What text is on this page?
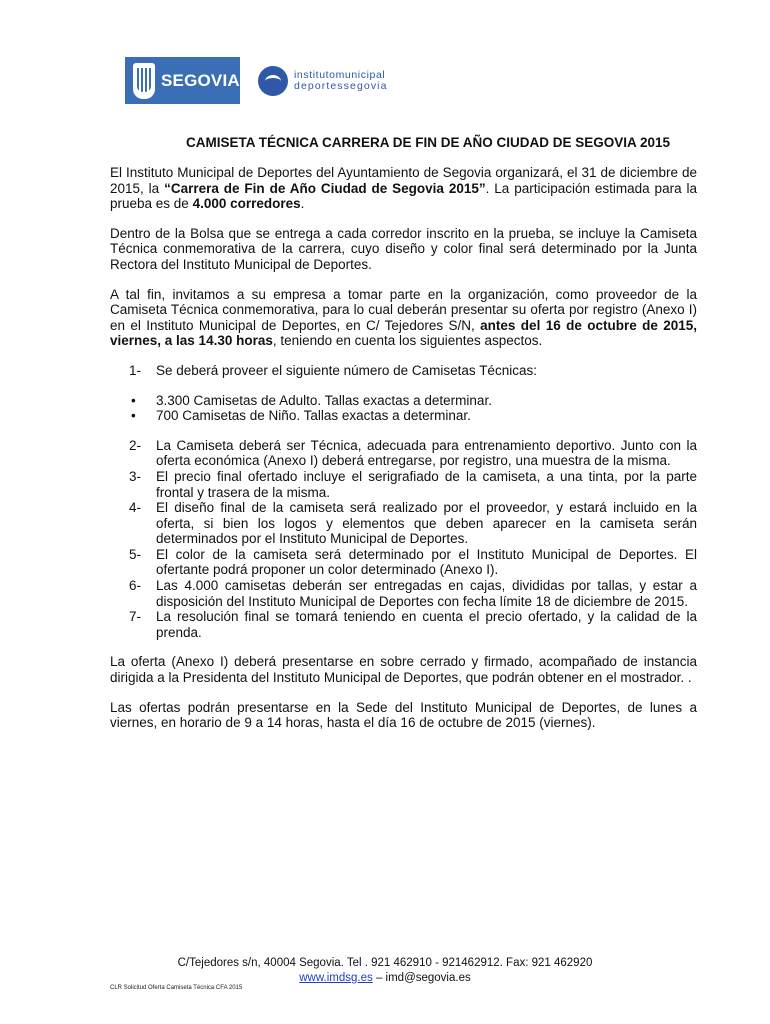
SEGOVIA	institutomunicipal
deportessegovia
CAMISETA TÉCNICA CARRERA DE FIN DE AÑO CIUDAD DE SEGOVIA 2015

El Instituto Municipal de Deportes del Ayuntamiento de Segovia organizará, el 31 de diciembre de 2015, la “Carrera de Fin de Año Ciudad de Segovia 2015”. La participación estimada para la prueba es de 4.000 corredores.

Dentro de la Bolsa que se entrega a cada corredor inscrito en la prueba, se incluye la Camiseta Técnica conmemorativa de la carrera, cuyo diseño y color final será determinado por la Junta Rectora del Instituto Municipal de Deportes.

A tal fin, invitamos a su empresa a tomar parte en la organización, como proveedor de la Camiseta Técnica conmemorativa, para lo cual deberán presentar su oferta por registro (Anexo I) en el Instituto Municipal de Deportes, en C/ Tejedores S/N, antes del 16 de octubre de 2015, viernes, a las 14.30 horas, teniendo en cuenta los siguientes aspectos.

1-	Se deberá proveer el siguiente número de Camisetas Técnicas:
•	3.300 Camisetas de Adulto. Tallas exactas a determinar.
•	700 Camisetas de Niño. Tallas exactas a determinar.
2-	La Camiseta deberá ser Técnica, adecuada para entrenamiento deportivo. Junto con la oferta económica (Anexo I) deberá entregarse, por registro, una muestra de la misma.
3-	El precio final ofertado incluye el serigrafiado de la camiseta, a una tinta, por la parte frontal y trasera de la misma.
4-	El diseño final de la camiseta será realizado por el proveedor, y estará incluido en la oferta, si bien los logos y elementos que deben aparecer en la camiseta serán determinados por el Instituto Municipal de Deportes.
5-	El color de la camiseta será determinado por el Instituto Municipal de Deportes. El ofertante podrá proponer un color determinado (Anexo I).
6-	Las 4.000 camisetas deberán ser entregadas en cajas, divididas por tallas, y estar a disposición del Instituto Municipal de Deportes con fecha límite 18 de diciembre de 2015.
7-	La resolución final se tomará teniendo en cuenta el precio ofertado, y la calidad de la prenda.

La oferta (Anexo I) deberá presentarse en sobre cerrado y firmado, acompañado de instancia dirigida a la Presidenta del Instituto Municipal de Deportes, que podrán obtener en el mostrador. .

Las ofertas podrán presentarse en la Sede del Instituto Municipal de Deportes, de lunes a viernes, en horario de 9 a 14 horas, hasta el día 16 de octubre de 2015 (viernes).

C/Tejedores s/n, 40004 Segovia. Tel . 921 462910 - 921462912. Fax: 921 462920
www.imdsg.es – imd@segovia.es
CLR Solicitud Oferta Camiseta Técnica CFA 2015
